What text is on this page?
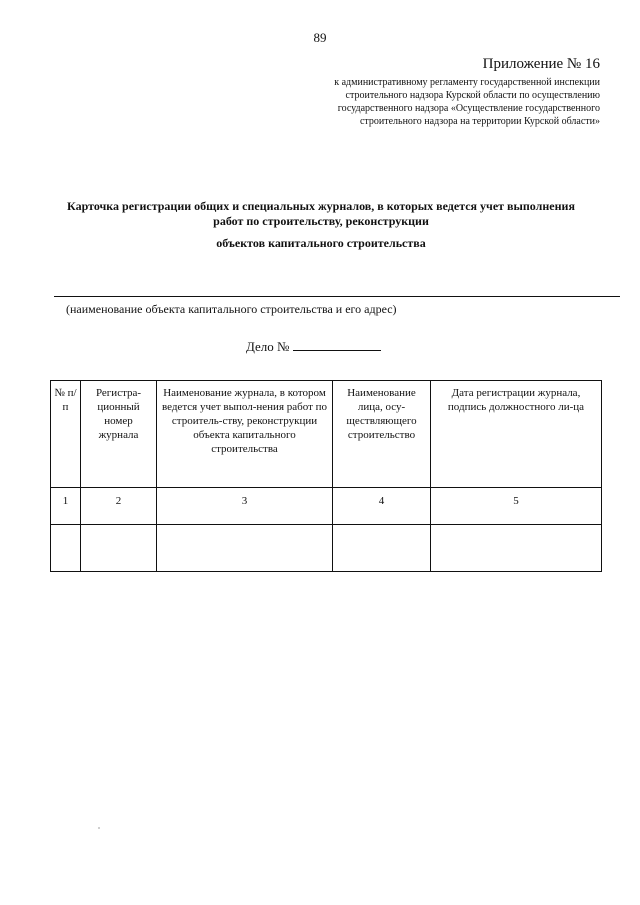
89
Приложение № 16
к административному регламенту государственной инспекции
строительного надзора Курской области по осуществлению
государственного надзора «Осуществление государственного
строительного надзора на территории Курской области»
Карточка регистрации общих и специальных журналов, в которых ведется учет выполнения
работ по строительству, реконструкции
объектов капитального строительства
(наименование объекта капитального строительства и его адрес)
Дело №
№ п/п	Регистра-ционный номер журнала	Наименование журнала, в котором ведется учет выпол-нения работ по строитель-ству, реконструкции объекта капитального строительства	Наименование лица, осу-ществляющего строительство	Дата регистрации журнала, подпись должностного ли-ца
1	2	3	4	5
